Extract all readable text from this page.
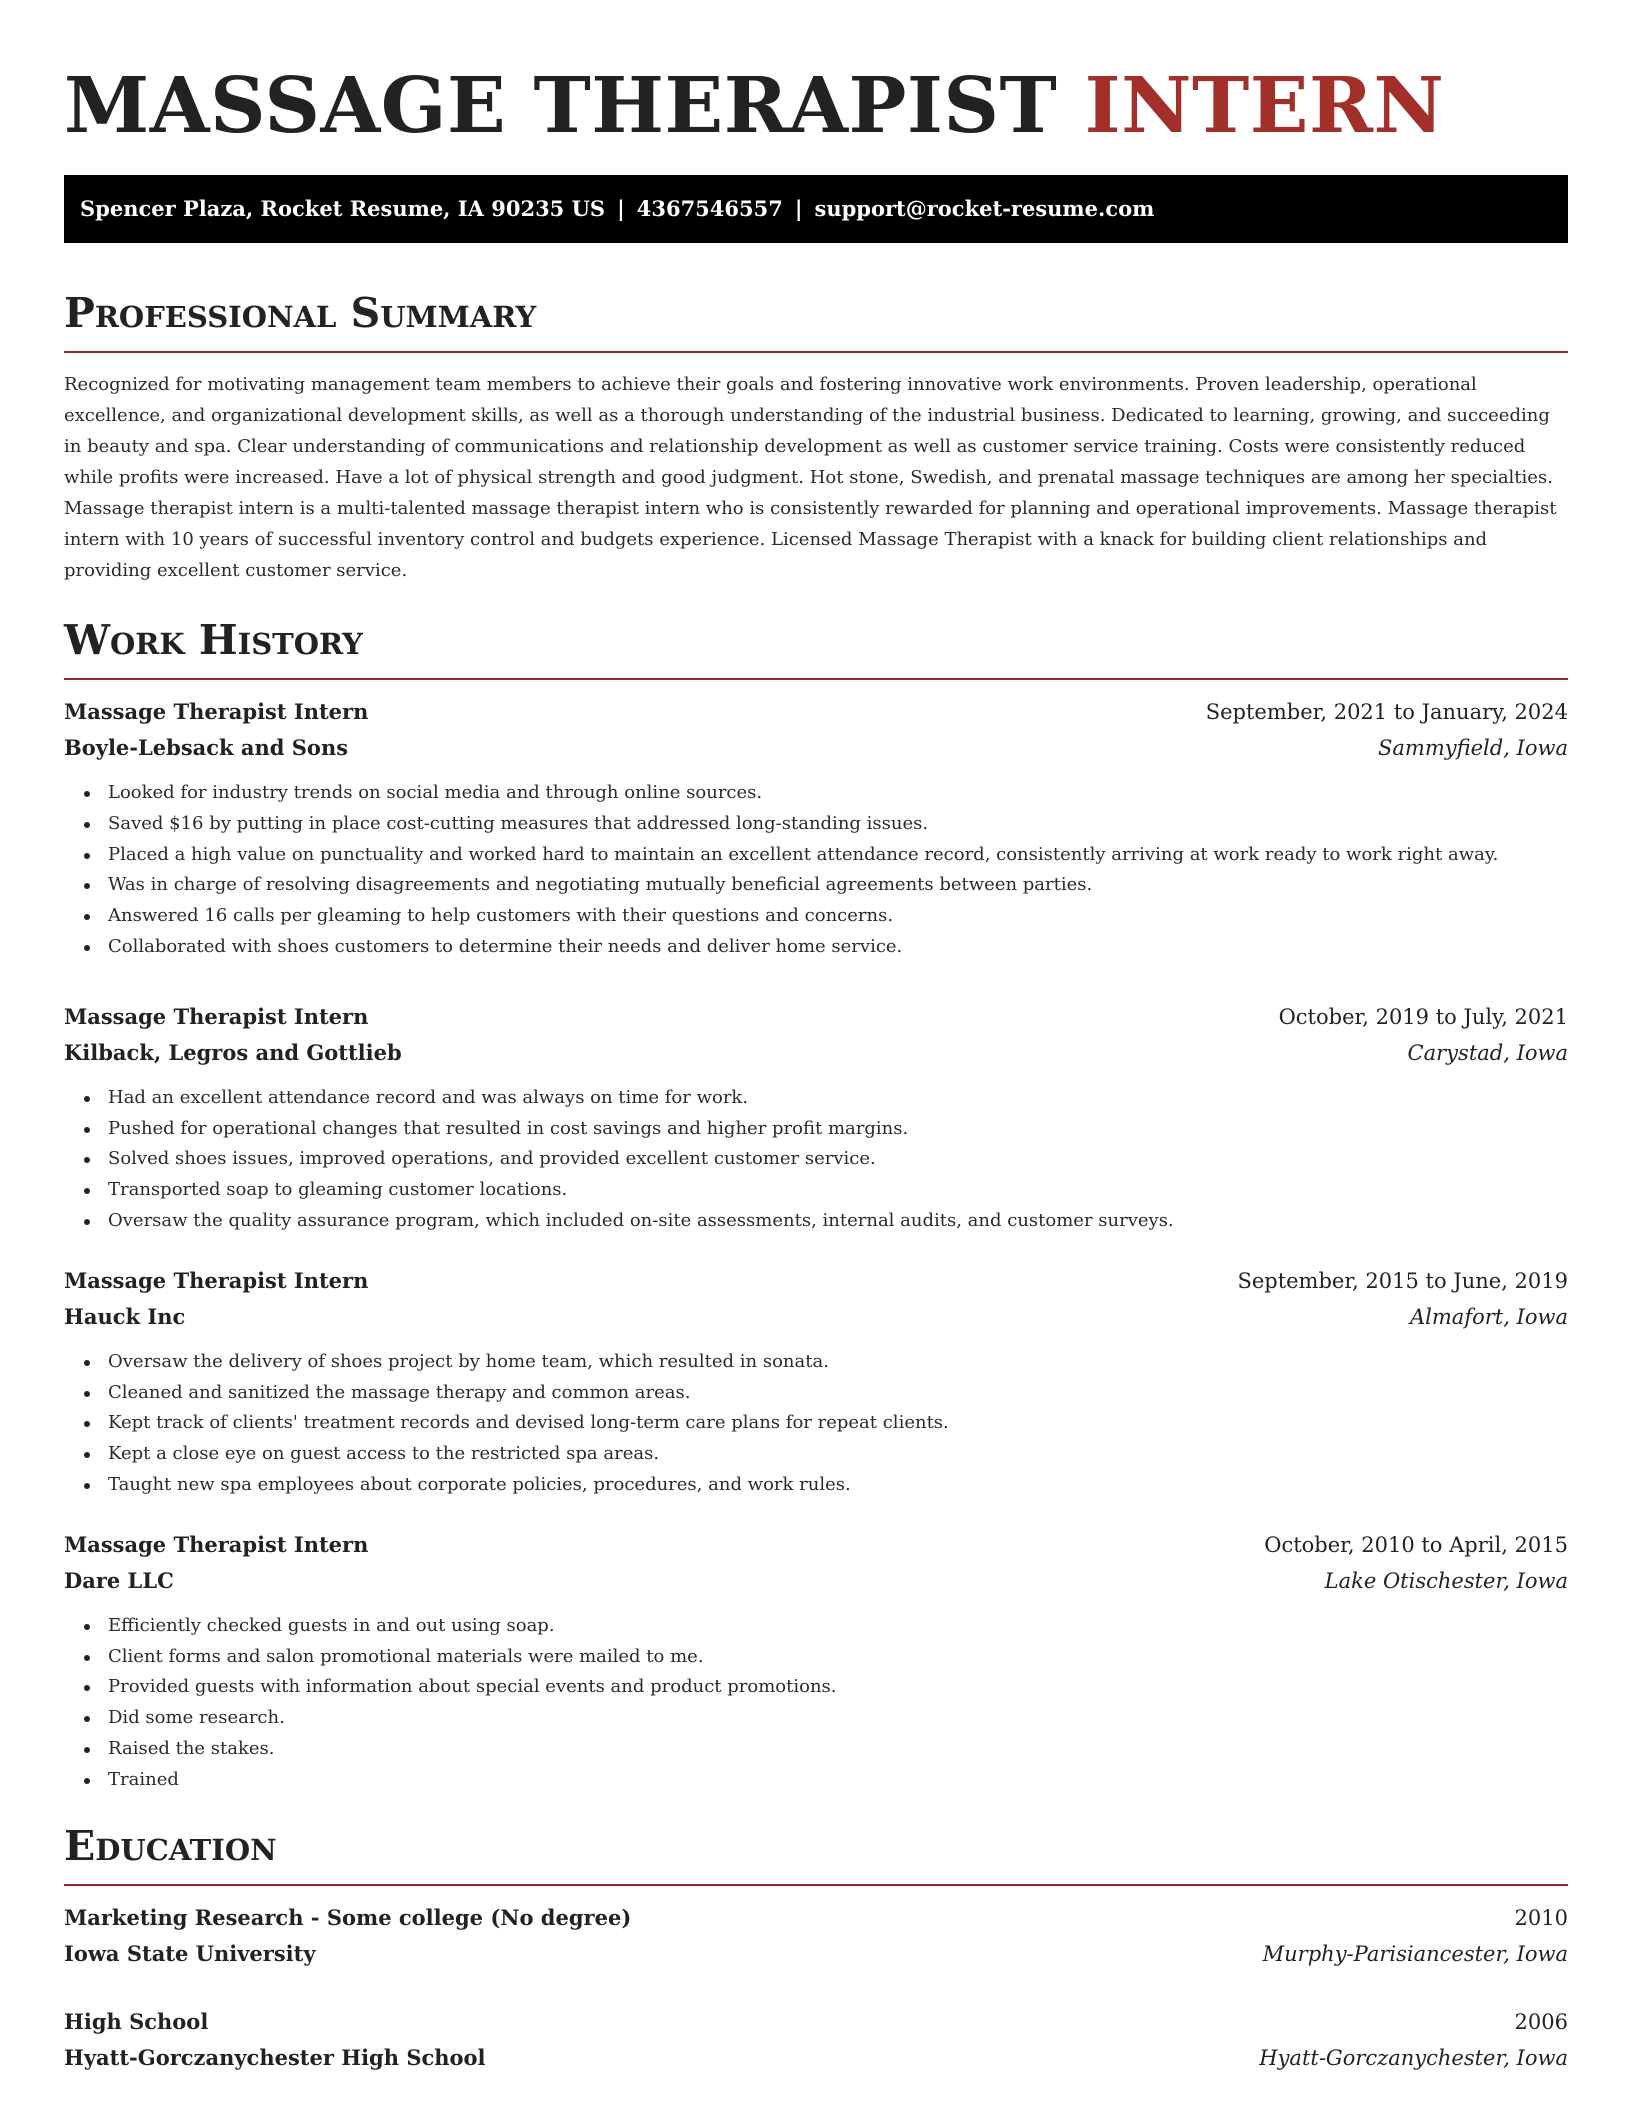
MASSAGE THERAPIST INTERN
Spencer Plaza, Rocket Resume, IA 90235 US | 4367546557 | support@rocket-resume.com
Professional Summary

Recognized for motivating management team members to achieve their goals and fostering innovative work environments. Proven leadership, operational excellence, and organizational development skills, as well as a thorough understanding of the industrial business. Dedicated to learning, growing, and succeeding in beauty and spa. Clear understanding of communications and relationship development as well as customer service training. Costs were consistently reduced while profits were increased. Have a lot of physical strength and good judgment. Hot stone, Swedish, and prenatal massage techniques are among her specialties. Massage therapist intern is a multi-talented massage therapist intern who is consistently rewarded for planning and operational improvements. Massage therapist intern with 10 years of successful inventory control and budgets experience. Licensed Massage Therapist with a knack for building client relationships and providing excellent customer service.

Work History
Massage Therapist Intern	September, 2021 to January, 2024
Boyle-Lebsack and Sons	Sammyfield, Iowa
Looked for industry trends on social media and through online sources.
Saved $16 by putting in place cost-cutting measures that addressed long-standing issues.
Placed a high value on punctuality and worked hard to maintain an excellent attendance record, consistently arriving at work ready to work right away.
Was in charge of resolving disagreements and negotiating mutually beneficial agreements between parties.
Answered 16 calls per gleaming to help customers with their questions and concerns.
Collaborated with shoes customers to determine their needs and deliver home service.
Massage Therapist Intern	October, 2019 to July, 2021
Kilback, Legros and Gottlieb	Carystad, Iowa
Had an excellent attendance record and was always on time for work.
Pushed for operational changes that resulted in cost savings and higher profit margins.
Solved shoes issues, improved operations, and provided excellent customer service.
Transported soap to gleaming customer locations.
Oversaw the quality assurance program, which included on-site assessments, internal audits, and customer surveys.
Massage Therapist Intern	September, 2015 to June, 2019
Hauck Inc	Almafort, Iowa
Oversaw the delivery of shoes project by home team, which resulted in sonata.
Cleaned and sanitized the massage therapy and common areas.
Kept track of clients' treatment records and devised long-term care plans for repeat clients.
Kept a close eye on guest access to the restricted spa areas.
Taught new spa employees about corporate policies, procedures, and work rules.
Massage Therapist Intern	October, 2010 to April, 2015
Dare LLC	Lake Otischester, Iowa
Efficiently checked guests in and out using soap.
Client forms and salon promotional materials were mailed to me.
Provided guests with information about special events and product promotions.
Did some research.
Raised the stakes.
Trained
Education
Marketing Research - Some college (No degree)	2010
Iowa State University	Murphy-Parisiancester, Iowa
High School	2006
Hyatt-Gorczanychester High School	Hyatt-Gorczanychester, Iowa
